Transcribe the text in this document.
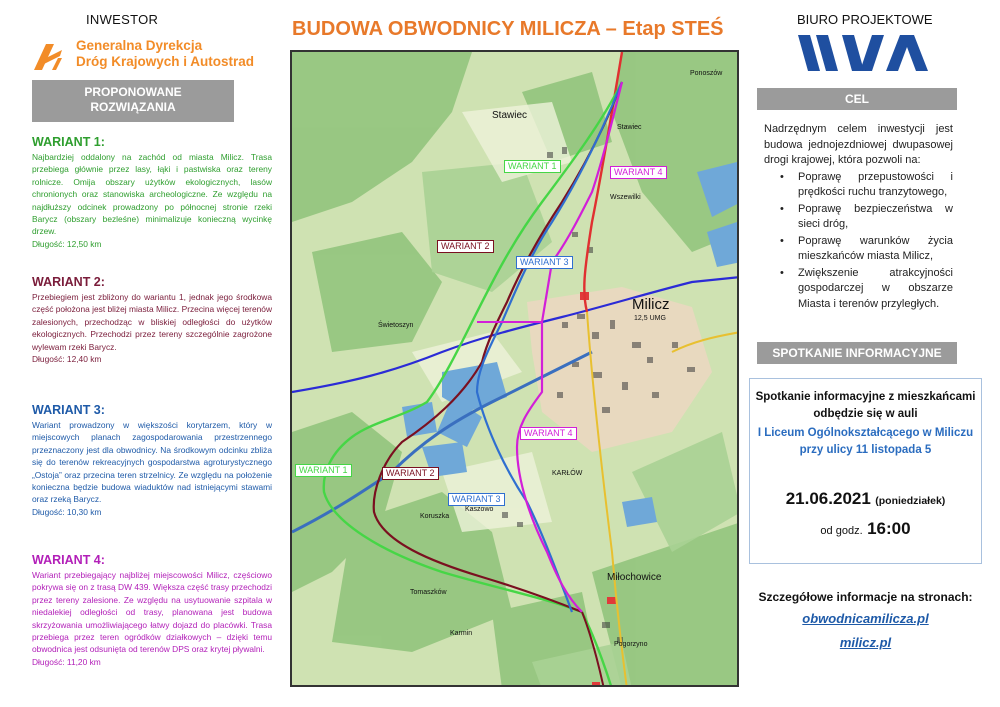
INWESTOR
Generalna Dyrekcja
Dróg Krajowych i Autostrad
PROPONOWANE
ROZWIĄZANIA
WARIANT 1:

Najbardziej oddalony na zachód od miasta Milicz. Trasa przebiega głównie przez lasy, łąki i pastwiska oraz tereny rolnicze. Omija obszary użytków ekologicznych, lasów chronionych oraz stanowiska archeologiczne. Ze względu na najdłuższy odcinek prowadzony po północnej stronie rzeki Barycz (obszary bezleśne) minimalizuje konieczną wycinkę drzew.

Długość: 12,50 km
WARIANT 2:

Przebiegiem jest zbliżony do wariantu 1, jednak jego środkowa część położona jest bliżej miasta Milicz. Przecina więcej terenów zalesionych, przechodząc w bliskiej odległości do użytków ekologicznych. Przechodzi przez tereny szczególnie zagrożone wylewam rzeki Barycz.

Długość: 12,40 km
WARIANT 3:

Wariant prowadzony w większości korytarzem, który w miejscowych planach zagospodarowania przestrzennego przeznaczony jest dla obwodnicy. Na środkowym odcinku zbliża się do terenów rekreacyjnych gospodarstwa agroturystycznego „Ostoja” oraz przecina teren strzelnicy. Ze względu na położenie konieczna będzie budowa wiaduktów nad istniejącymi stawami oraz rzeką Barycz.

Długość: 10,30 km
WARIANT 4:

Wariant przebiegający najbliżej miejscowości Milicz, częściowo pokrywa się on z trasą DW 439. Większa część trasy przechodzi przez tereny zalesione. Ze względu na usytuowanie szpitala w niedalekiej odległości od trasy, planowana jest budowa skrzyżowania umożliwiającego łatwy dojazd do placówki. Trasa przebiega przez teren ogródków działkowych – dzięki temu obwodnica jest odsunięta od terenów DPS oraz krytej pływalni.

Długość: 11,20 km
BUDOWA OBWODNICY MILICZA – Etap STEŚ
Stawiec
Stawiec
Wszewilki
Milicz
12,5 UMG
Kaszowo
Koruszka
Miłochowice
Tomaszków
Pogorzyno
Karmin
Świetoszyn
KARŁÓW
Ponoszów
WARIANT 1
WARIANT 1
WARIANT 2
WARIANT 2
WARIANT 3
WARIANT 3
WARIANT 4
WARIANT 4
BIURO PROJEKTOWE
CEL
Nadrzędnym celem inwestycji jest budowa jednojezdniowej dwupasowej drogi krajowej, która pozwoli na:
• Poprawę przepustowości i prędkości ruchu tranzytowego,
• Poprawę bezpieczeństwa w sieci dróg,
• Poprawę warunków życia mieszkańców miasta Milicz,
• Zwiększenie atrakcyjności gospodarczej w obszarze Miasta i terenów przyległych.
SPOTKANIE INFORMACYJNE
Spotkanie informacyjne z mieszkańcami odbędzie się w auli
I Liceum Ogólnokształcącego w Miliczu przy ulicy 11 listopada 5
21.06.2021 (poniedziałek)
od godz. 16:00
Szczegółowe informacje na stronach:
obwodnicamilicza.pl
milicz.pl
